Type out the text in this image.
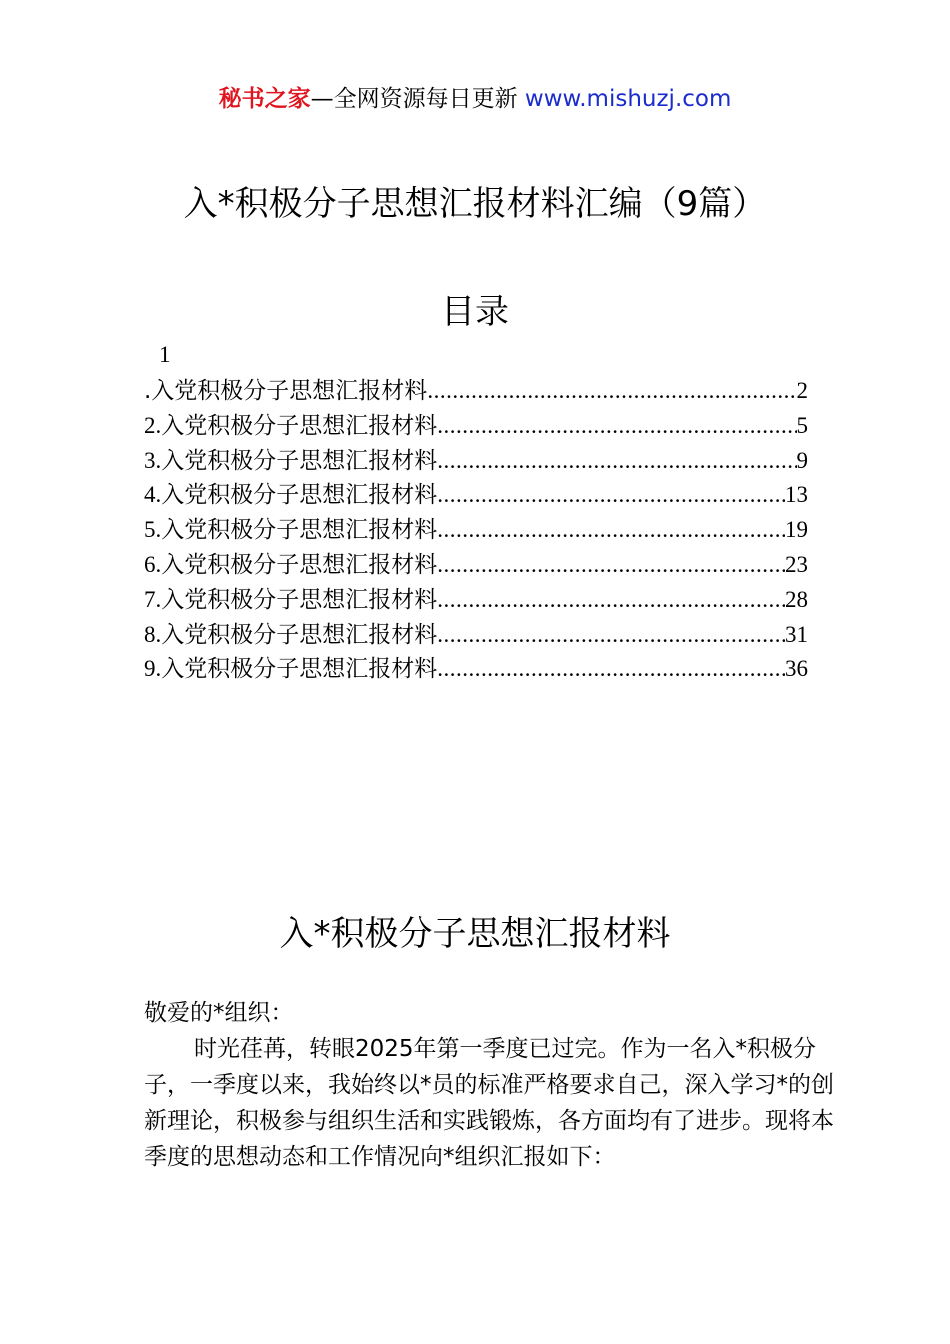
秘书之家—全网资源每日更新 www.mishuzj.com
入*积极分子思想汇报材料汇编（9篇）
目录
1
.入党积极分子思想汇报材料 .....	2
2. 入党积极分子思想汇报材料 .....	5
3. 入党积极分子思想汇报材料 .....	9
4. 入党积极分子思想汇报材料 .....	13
5. 入党积极分子思想汇报材料 .....	19
6. 入党积极分子思想汇报材料 .....	23
7. 入党积极分子思想汇报材料 .....	28
8. 入党积极分子思想汇报材料 .....	31
9. 入党积极分子思想汇报材料 .....	36
入*积极分子思想汇报材料

敬爱的*组织：

时光荏苒，转眼2025年第一季度已过完。作为一名入*积极分子，一季度以来，我始终以*员的标准严格要求自己，深入学习*的创新理论，积极参与组织生活和实践锻炼，各方面均有了进步。现将本季度的思想动态和工作情况向*组织汇报如下：
